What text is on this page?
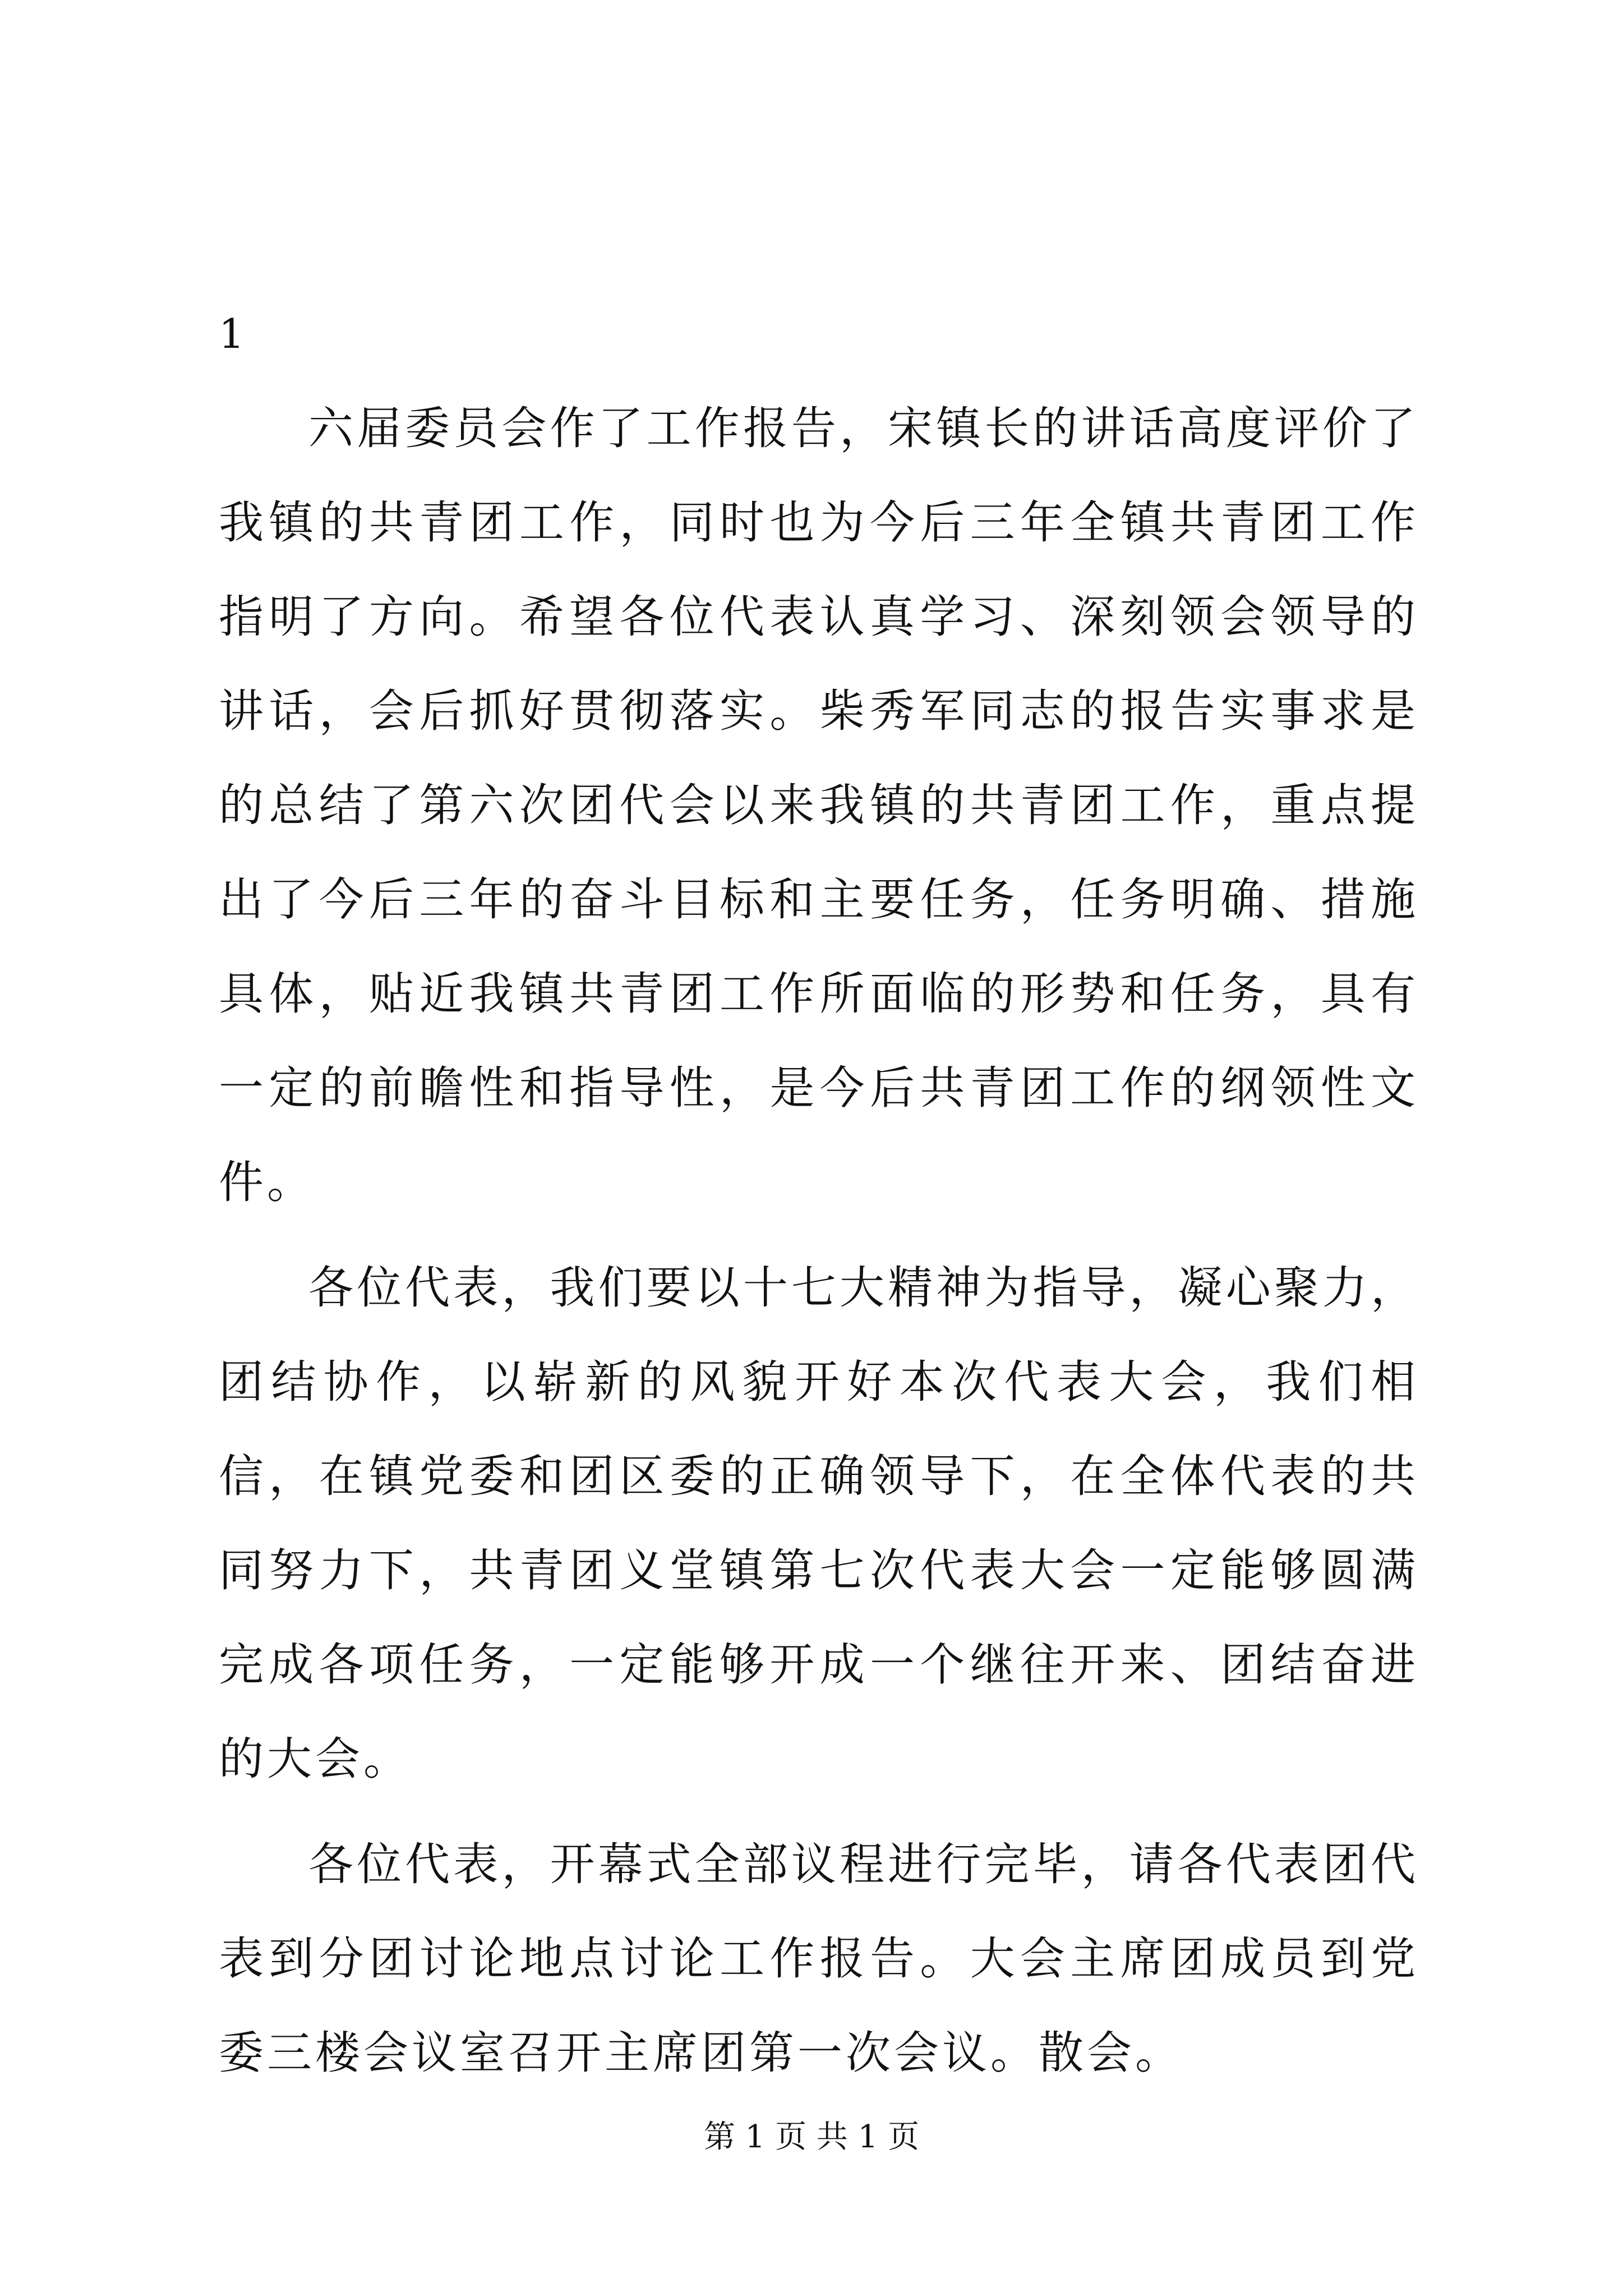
1

六届委员会作了工作报告，宋镇长的讲话高度评价了我镇的共青团工作，同时也为今后三年全镇共青团工作指明了方向。希望各位代表认真学习、深刻领会领导的讲话，会后抓好贯彻落实。柴秀军同志的报告实事求是的总结了第六次团代会以来我镇的共青团工作，重点提出了今后三年的奋斗目标和主要任务，任务明确、措施具体，贴近我镇共青团工作所面临的形势和任务，具有一定的前瞻性和指导性，是今后共青团工作的纲领性文件。

各位代表，我们要以十七大精神为指导，凝心聚力，团结协作，以崭新的风貌开好本次代表大会，我们相信，在镇党委和团区委的正确领导下，在全体代表的共同努力下，共青团义堂镇第七次代表大会一定能够圆满完成各项任务，一定能够开成一个继往开来、团结奋进的大会。

各位代表，开幕式全部议程进行完毕，请各代表团代表到分团讨论地点讨论工作报告。大会主席团成员到党委三楼会议室召开主席团第一次会议。散会。

第 1 页 共 1 页
